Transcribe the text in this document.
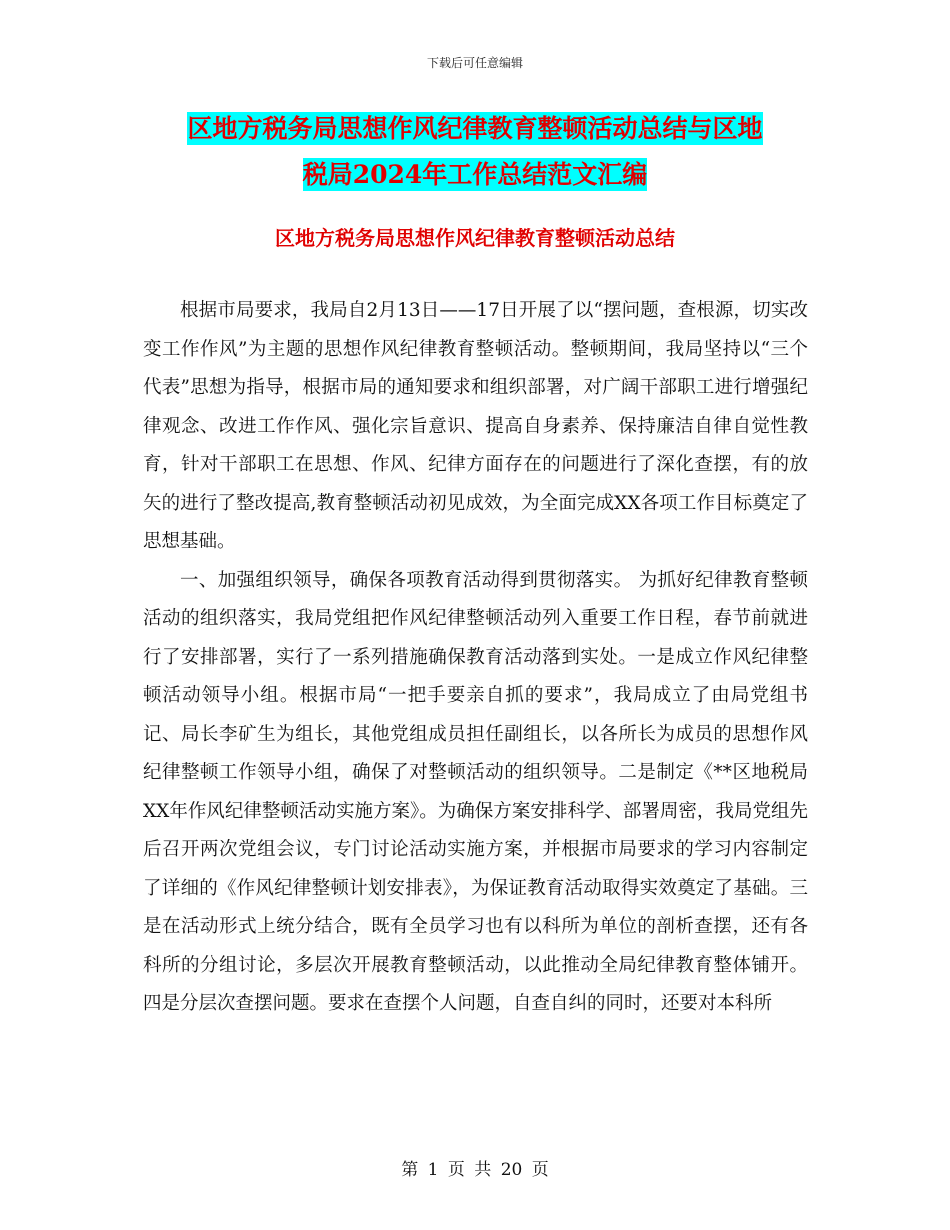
下载后可任意编辑
区地方税务局思想作风纪律教育整顿活动总结与区地
税局2024年工作总结范文汇编
区地方税务局思想作风纪律教育整顿活动总结

根据市局要求，我局自2月13日——17日开展了以“摆问题，查根源，切实改变工作作风”为主题的思想作风纪律教育整顿活动。整顿期间，我局坚持以“三个代表”思想为指导，根据市局的通知要求和组织部署，对广阔干部职工进行增强纪律观念、改进工作作风、强化宗旨意识、提高自身素养、保持廉洁自律自觉性教育，针对干部职工在思想、作风、纪律方面存在的问题进行了深化查摆，有的放矢的进行了整改提高,教育整顿活动初见成效，为全面完成XX各项工作目标奠定了思想基础。

一、加强组织领导，确保各项教育活动得到贯彻落实。 为抓好纪律教育整顿活动的组织落实，我局党组把作风纪律整顿活动列入重要工作日程，春节前就进行了安排部署，实行了一系列措施确保教育活动落到实处。一是成立作风纪律整顿活动领导小组。根据市局“一把手要亲自抓的要求”，我局成立了由局党组书记、局长李矿生为组长，其他党组成员担任副组长，以各所长为成员的思想作风纪律整顿工作领导小组，确保了对整顿活动的组织领导。二是制定《**区地税局XX年作风纪律整顿活动实施方案》。为确保方案安排科学、部署周密，我局党组先后召开两次党组会议，专门讨论活动实施方案，并根据市局要求的学习内容制定了详细的《作风纪律整顿计划安排表》，为保证教育活动取得实效奠定了基础。三是在活动形式上统分结合，既有全员学习也有以科所为单位的剖析查摆，还有各科所的分组讨论，多层次开展教育整顿活动，以此推动全局纪律教育整体铺开。四是分层次查摆问题。要求在查摆个人问题，自查自纠的同时，还要对本科所

第 1 页 共 20 页
